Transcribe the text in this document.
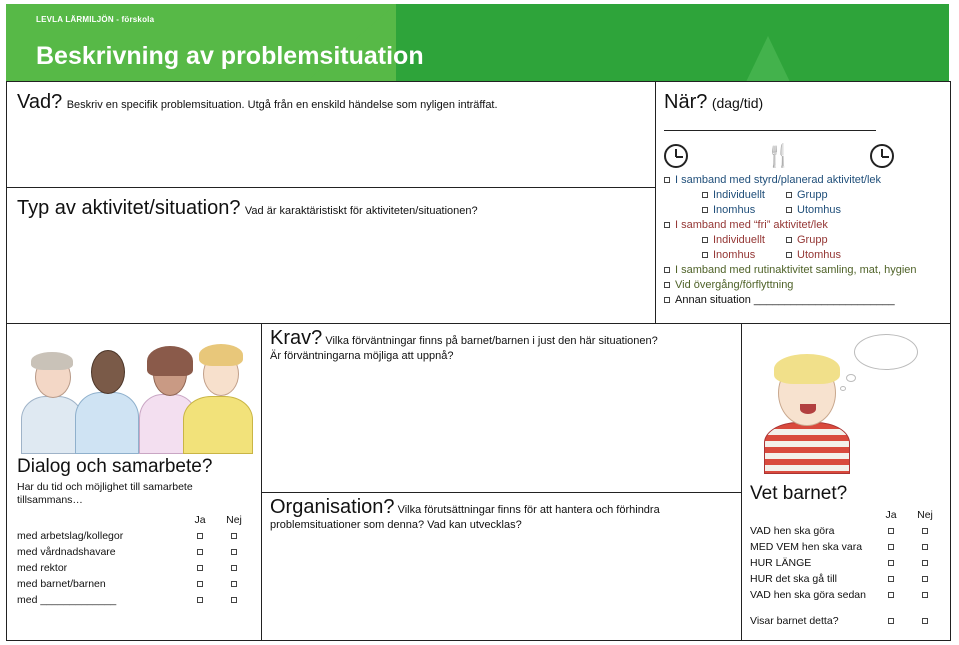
LEVLA LÄRMILJÖN - förskola
Beskrivning av problemsituation
Vad? Beskriv en specifik problemsituation. Utgå från en enskild händelse som nyligen inträffat.
Typ av aktivitet/situation? Vad är karaktäristiskt för aktiviteten/situationen?
När? (dag/tid)
🍴
I samband med styrd/planerad aktivitet/lek
Individuellt	Grupp
Inomhus	Utomhus
I samband med “fri” aktivitet/lek
Individuellt	Grupp
Inomhus	Utomhus
I samband med rutinaktivitet samling, mat, hygien
Vid övergång/förflyttning
Annan situation _______________________
Dialog och samarbete?
Har du tid och möjlighet till samarbete tillsammans…
	Ja	Nej
med arbetslag/kollegor		
med vårdnadshavare		
med rektor		
med barnet/barnen		
med _____________		
Krav? Vilka förväntningar finns på barnet/barnen i just den här situationen?
Är förväntningarna möjliga att uppnå?
Organisation? Vilka förutsättningar finns för att hantera och förhindra
problemsituationer som denna? Vad kan utvecklas?
Vet barnet?
	Ja	Nej
VAD hen ska göra		
MED VEM hen ska vara		
HUR LÄNGE		
HUR det ska gå till		
VAD hen ska göra sedan		

Visar barnet detta?		
